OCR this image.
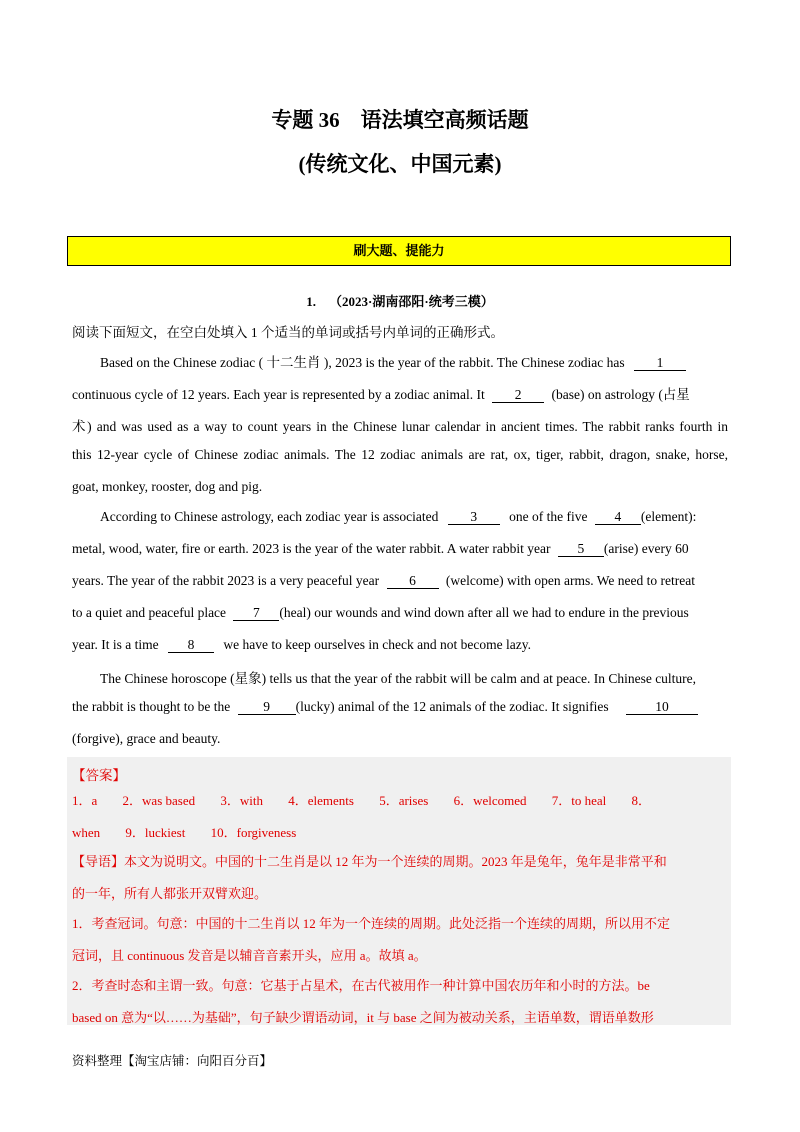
专题 36　语法填空高频话题
(传统文化、中国元素)
刷大题、提能力
1. （2023·湖南邵阳·统考三模）
阅读下面短文，在空白处填入 1 个适当的单词或括号内单词的正确形式。
Based on the Chinese zodiac ( 十二生肖 ), 2023 is the year of the rabbit. The Chinese zodiac has 1
continuous cycle of 12 years. Each year is represented by a zodiac animal. It 2 (base) on astrology (占星
术) and was used as a way to count years in the Chinese lunar calendar in ancient times. The rabbit ranks fourth in
this 12-year cycle of Chinese zodiac animals. The 12 zodiac animals are rat, ox, tiger, rabbit, dragon, snake, horse,
goat, monkey, rooster, dog and pig.
According to Chinese astrology, each zodiac year is associated 3 one of the five 4 (element):
metal, wood, water, fire or earth. 2023 is the year of the water rabbit. A water rabbit year 5 (arise) every 60
years. The year of the rabbit 2023 is a very peaceful year 6 (welcome) with open arms. We need to retreat
to a quiet and peaceful place 7 (heal) our wounds and wind down after all we had to endure in the previous
year. It is a time 8 we have to keep ourselves in check and not become lazy.
The Chinese horoscope (星象) tells us that the year of the rabbit will be calm and at peace. In Chinese culture,
the rabbit is thought to be the 9 (lucky) animal of the 12 animals of the zodiac. It signifies	10
(forgive), grace and beauty.
【答案】
1．a 2．was based 3．with 4．elements 5．arises 6．welcomed 7．to heal 8．
when 9．luckiest 10．forgiveness
【导语】本文为说明文。中国的十二生肖是以 12 年为一个连续的周期。2023 年是兔年，兔年是非常平和
的一年，所有人都张开双臂欢迎。
1．考查冠词。句意：中国的十二生肖以 12 年为一个连续的周期。此处泛指一个连续的周期，所以用不定
冠词，且 continuous 发音是以辅音音素开头，应用 a。故填 a。
2．考查时态和主谓一致。句意：它基于占星术，在古代被用作一种计算中国农历年和小时的方法。be
based on 意为“以……为基础”，句子缺少谓语动词，it 与 base 之间为被动关系，主语单数，谓语单数形
资料整理【淘宝店铺：向阳百分百】
